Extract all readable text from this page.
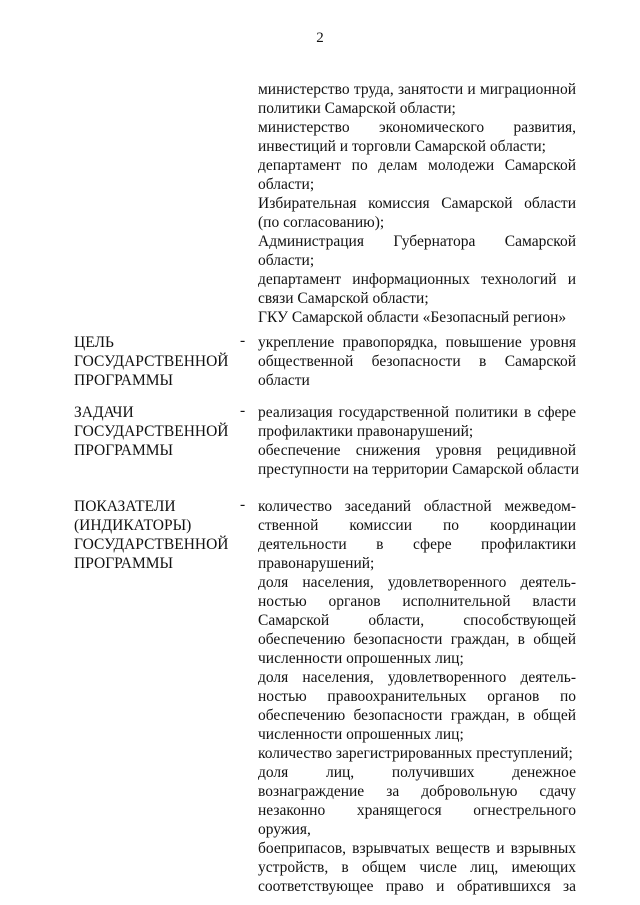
2
министерство труда, занятости и миграционной
политики Самарской области;
министерство экономического развития,
инвестиций и торговли Самарской области;
департамент по делам молодежи Самарской
области;
Избирательная комиссия Самарской области
(по согласованию);
Администрация Губернатора Самарской
области;
департамент информационных технологий и
связи Самарской области;
ГКУ Самарской области «Безопасный регион»
ЦЕЛЬ
ГОСУДАРСТВЕННОЙ
ПРОГРАММЫ
- укрепление правопорядка, повышение уровня
общественной безопасности в Самарской
области
ЗАДАЧИ
ГОСУДАРСТВЕННОЙ
ПРОГРАММЫ
- реализация государственной политики в сфере
профилактики правонарушений;
обеспечение снижения уровня рецидивной
преступности на территории Самарской области
ПОКАЗАТЕЛИ
(ИНДИКАТОРЫ)
ГОСУДАРСТВЕННОЙ
ПРОГРАММЫ
- количество заседаний областной межведом-
ственной комиссии по координации
деятельности в сфере профилактики
правонарушений;
доля населения, удовлетворенного деятель-
ностью органов исполнительной власти
Самарской области, способствующей
обеспечению безопасности граждан, в общей
численности опрошенных лиц;
доля населения, удовлетворенного деятель-
ностью правоохранительных органов по
обеспечению безопасности граждан, в общей
численности опрошенных лиц;
количество зарегистрированных преступлений;
доля лиц, получивших денежное
вознаграждение за добровольную сдачу
незаконно хранящегося огнестрельного оружия,
боеприпасов, взрывчатых веществ и взрывных
устройств, в общем числе лиц, имеющих
соответствующее право и обратившихся за
